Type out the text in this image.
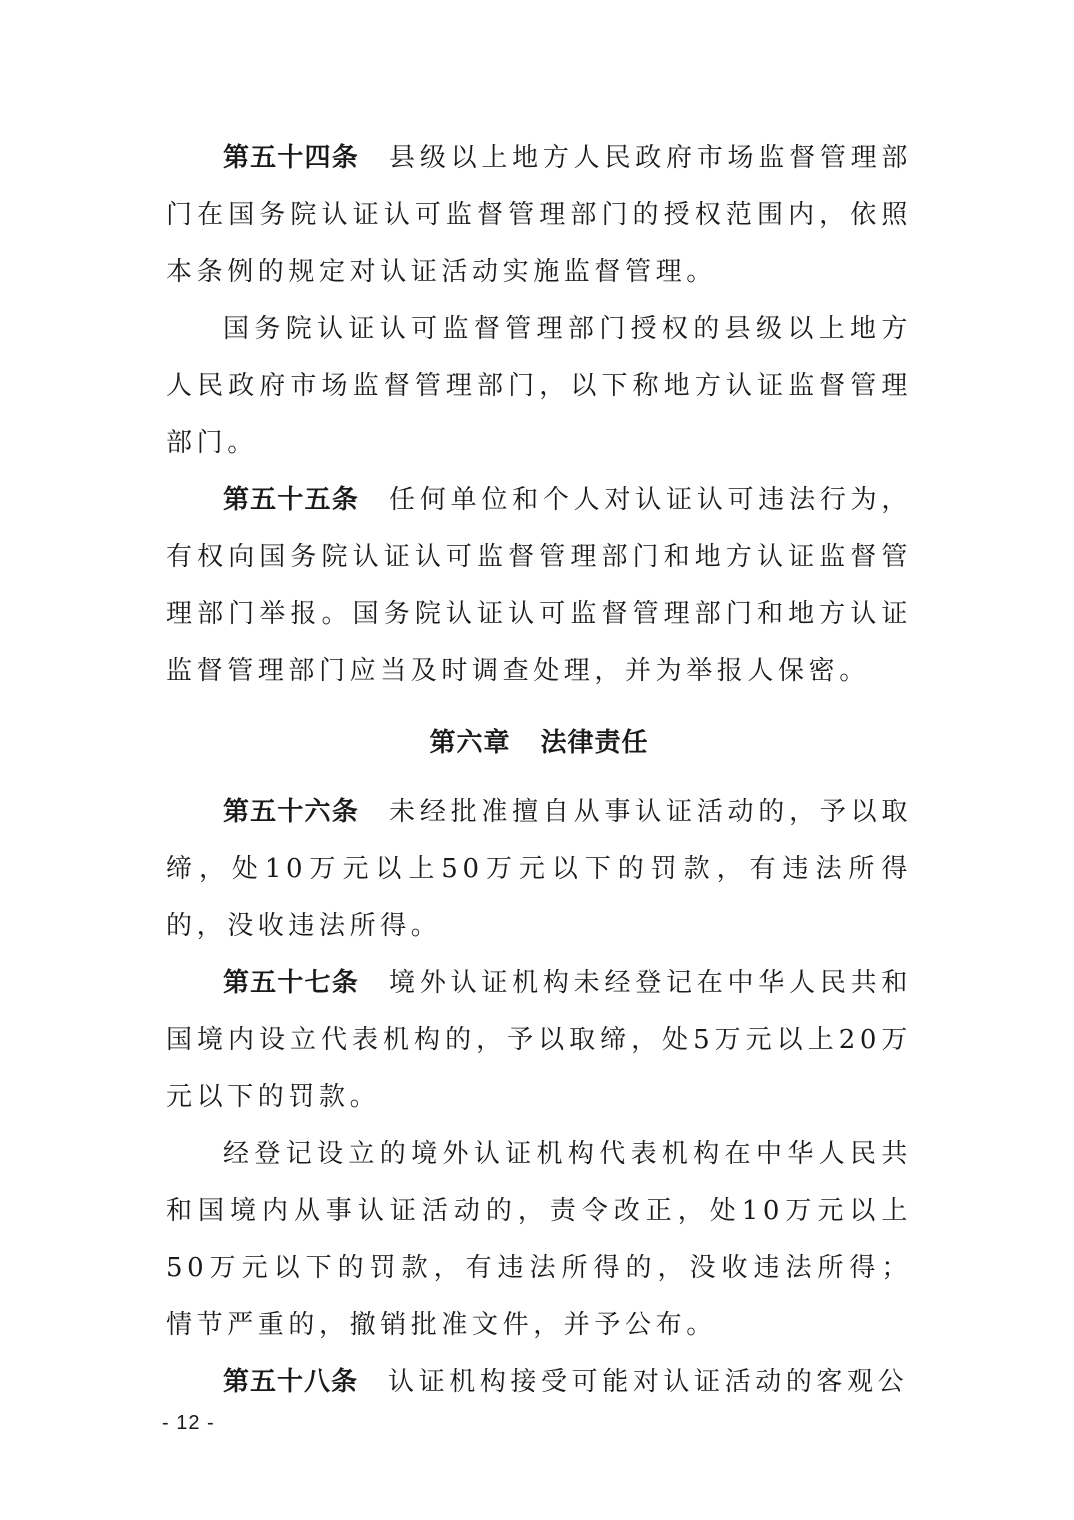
第五十四条 县级以上地方人民政府市场监督管理部门在国务院认证认可监督管理部门的授权范围内，依照本条例的规定对认证活动实施监督管理。

国务院认证认可监督管理部门授权的县级以上地方人民政府市场监督管理部门，以下称地方认证监督管理部门。

第五十五条 任何单位和个人对认证认可违法行为，有权向国务院认证认可监督管理部门和地方认证监督管理部门举报。国务院认证认可监督管理部门和地方认证监督管理部门应当及时调查处理，并为举报人保密。

第六章 法律责任

第五十六条 未经批准擅自从事认证活动的，予以取缔，处10万元以上50万元以下的罚款，有违法所得的，没收违法所得。

第五十七条 境外认证机构未经登记在中华人民共和国境内设立代表机构的，予以取缔，处5万元以上20万元以下的罚款。

经登记设立的境外认证机构代表机构在中华人民共和国境内从事认证活动的，责令改正，处10万元以上50万元以下的罚款，有违法所得的，没收违法所得；情节严重的，撤销批准文件，并予公布。

第五十八条 认证机构接受可能对认证活动的客观公

- 12 -
